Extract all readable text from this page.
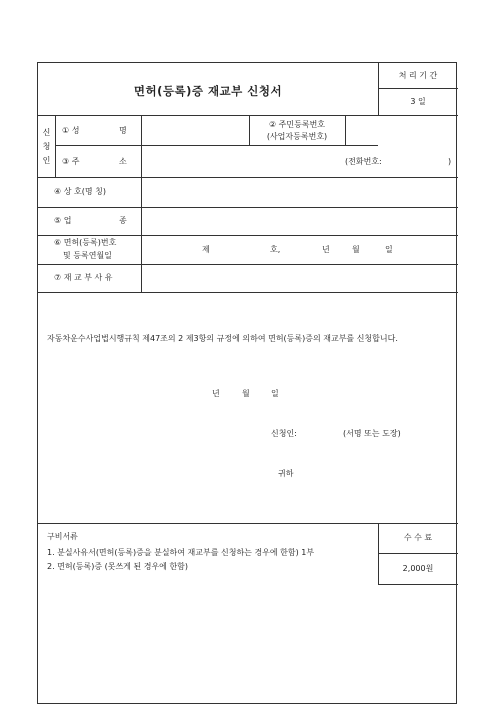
면허(등록)증 재교부 신청서
처 리 기 간
3 일
신
청
인
① 성	명
② 주민등록번호
(사업자등록번호)
③ 주	소	(전화번호:	)
④ 상 호(명 칭)
⑤ 업	종
⑥ 면허(등록)번호
및 등록연월일
제	호,	년	월	일
⑦ 재 교 부 사 유
자동차운수사업법시행규칙 제47조의 2 제3항의 규정에 의하여 면허(등록)증의 재교부를 신청합니다.
년	월	일
신청인:	(서명 또는 도장)
귀하
구비서류
1. 분실사유서(면허(등록)증을 분실하여 재교부를 신청하는 경우에 한함) 1부
2. 면허(등록)증 (못쓰게 된 경우에 한함)
수 수 료
2,000원
